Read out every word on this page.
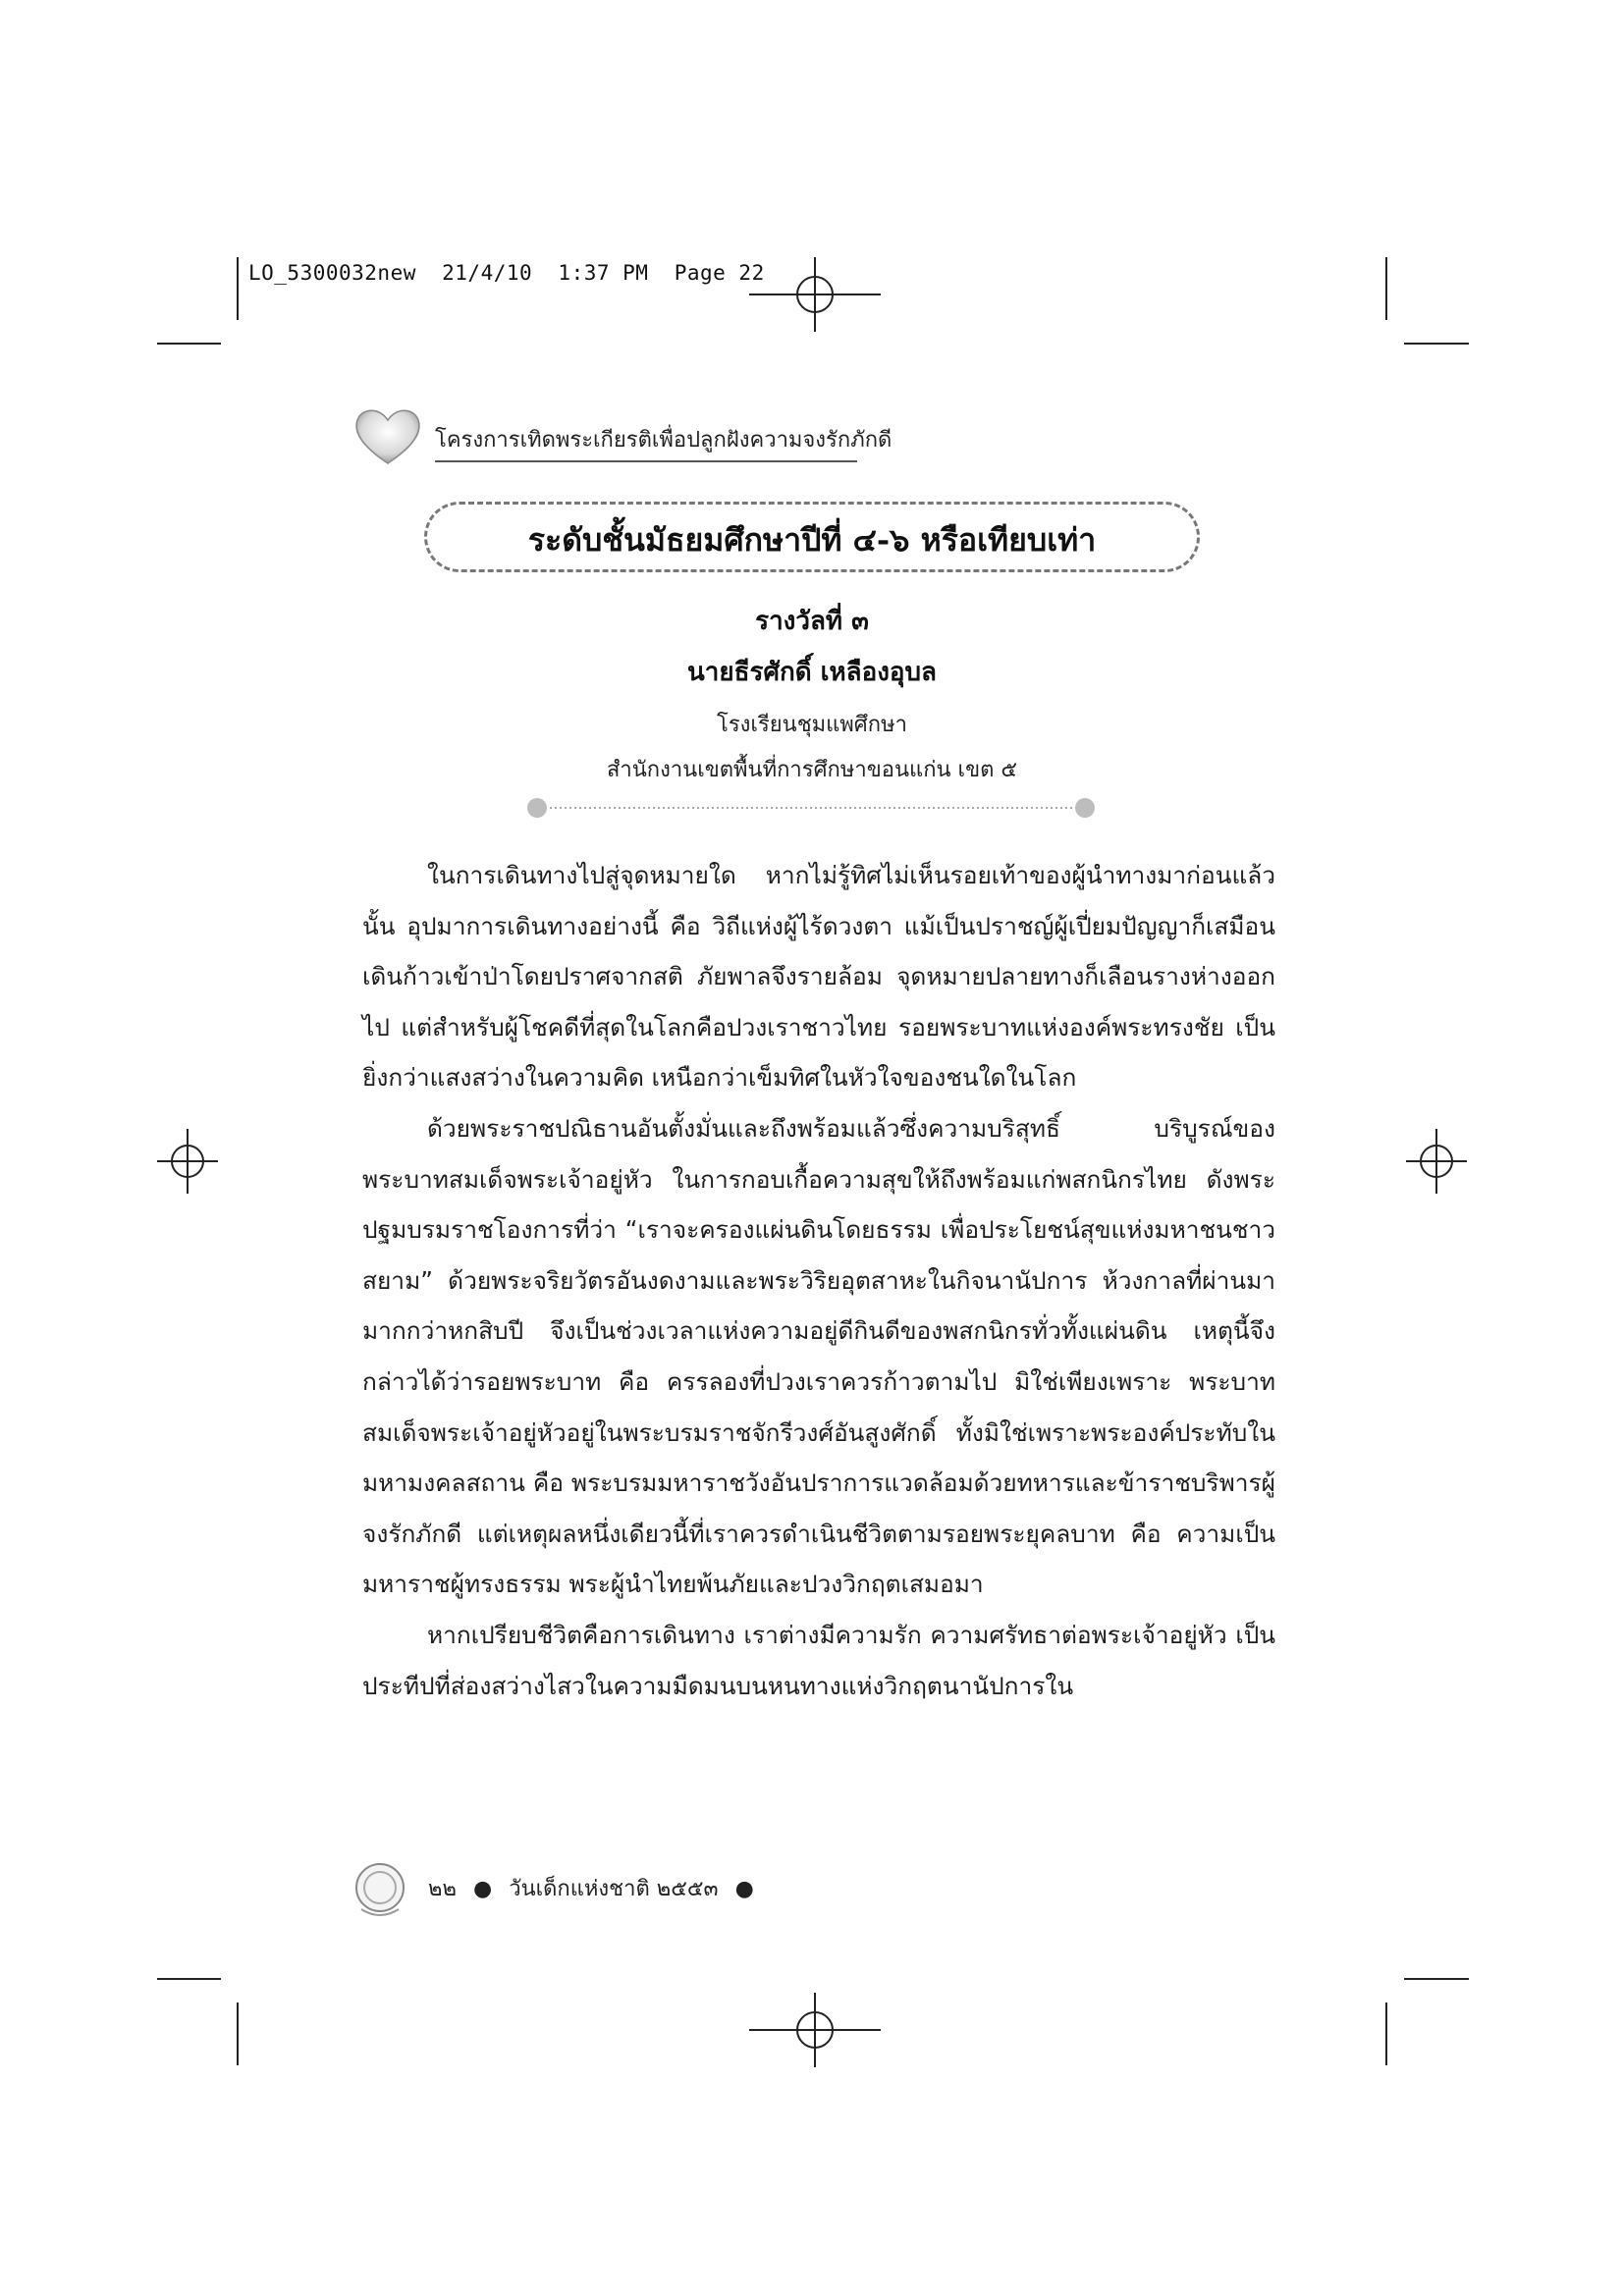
LO_5300032new  21/4/10  1:37 PM  Page 22
โครงการเทิดพระเกียรติเพื่อปลูกฝังความจงรักภักดี
ระดับชั้นมัธยมศึกษาปีที่ ๔-๖ หรือเทียบเท่า
รางวัลที่ ๓
นายธีรศักดิ์ เหลืองอุบล
โรงเรียนชุมแพศึกษา
สำนักงานเขตพื้นที่การศึกษาขอนแก่น เขต ๕

ในการเดินทางไปสู่จุดหมายใด หากไม่รู้ทิศไม่เห็นรอยเท้าของผู้นำทางมาก่อนแล้วนั้น อุปมาการเดินทางอย่างนี้ คือ วิถีแห่งผู้ไร้ดวงตา แม้เป็นปราชญ์ผู้เปี่ยมปัญญาก็เสมือนเดินก้าวเข้าป่าโดยปราศจากสติ ภัยพาลจึงรายล้อม จุดหมายปลายทางก็เลือนรางห่างออกไป แต่สำหรับผู้โชคดีที่สุดในโลกคือปวงเราชาวไทย รอยพระบาทแห่งองค์พระทรงชัย เป็นยิ่งกว่าแสงสว่างในความคิด เหนือกว่าเข็มทิศในหัวใจของชนใดในโลก

ด้วยพระราชปณิธานอันตั้งมั่นและถึงพร้อมแล้วซึ่งความบริสุทธิ์ บริบูรณ์ของพระบาทสมเด็จพระเจ้าอยู่หัว ในการกอบเกื้อความสุขให้ถึงพร้อมแก่พสกนิกรไทย ดังพระปฐมบรมราชโองการที่ว่า “เราจะครองแผ่นดินโดยธรรม เพื่อประโยชน์สุขแห่งมหาชนชาวสยาม” ด้วยพระจริยวัตรอันงดงามและพระวิริยอุตสาหะในกิจนานัปการ ห้วงกาลที่ผ่านมามากกว่าหกสิบปี จึงเป็นช่วงเวลาแห่งความอยู่ดีกินดีของพสกนิกรทั่วทั้งแผ่นดิน เหตุนี้จึงกล่าวได้ว่ารอยพระบาท คือ ครรลองที่ปวงเราควรก้าวตามไป มิใช่เพียงเพราะ พระบาทสมเด็จพระเจ้าอยู่หัวอยู่ในพระบรมราชจักรีวงศ์อันสูงศักดิ์ ทั้งมิใช่เพราะพระองค์ประทับในมหามงคลสถาน คือ พระบรมมหาราชวังอันปราการแวดล้อมด้วยทหารและข้าราชบริพารผู้จงรักภักดี แต่เหตุผลหนึ่งเดียวนี้ที่เราควรดำเนินชีวิตตามรอยพระยุคลบาท คือ ความเป็นมหาราชผู้ทรงธรรม พระผู้นำไทยพ้นภัยและปวงวิกฤตเสมอมา

หากเปรียบชีวิตคือการเดินทาง เราต่างมีความรัก ความศรัทธาต่อพระเจ้าอยู่หัว เป็นประทีปที่ส่องสว่างไสวในความมืดมนบนหนทางแห่งวิกฤตนานัปการใน

๒๒ ● วันเด็กแห่งชาติ ๒๕๕๓ ●
